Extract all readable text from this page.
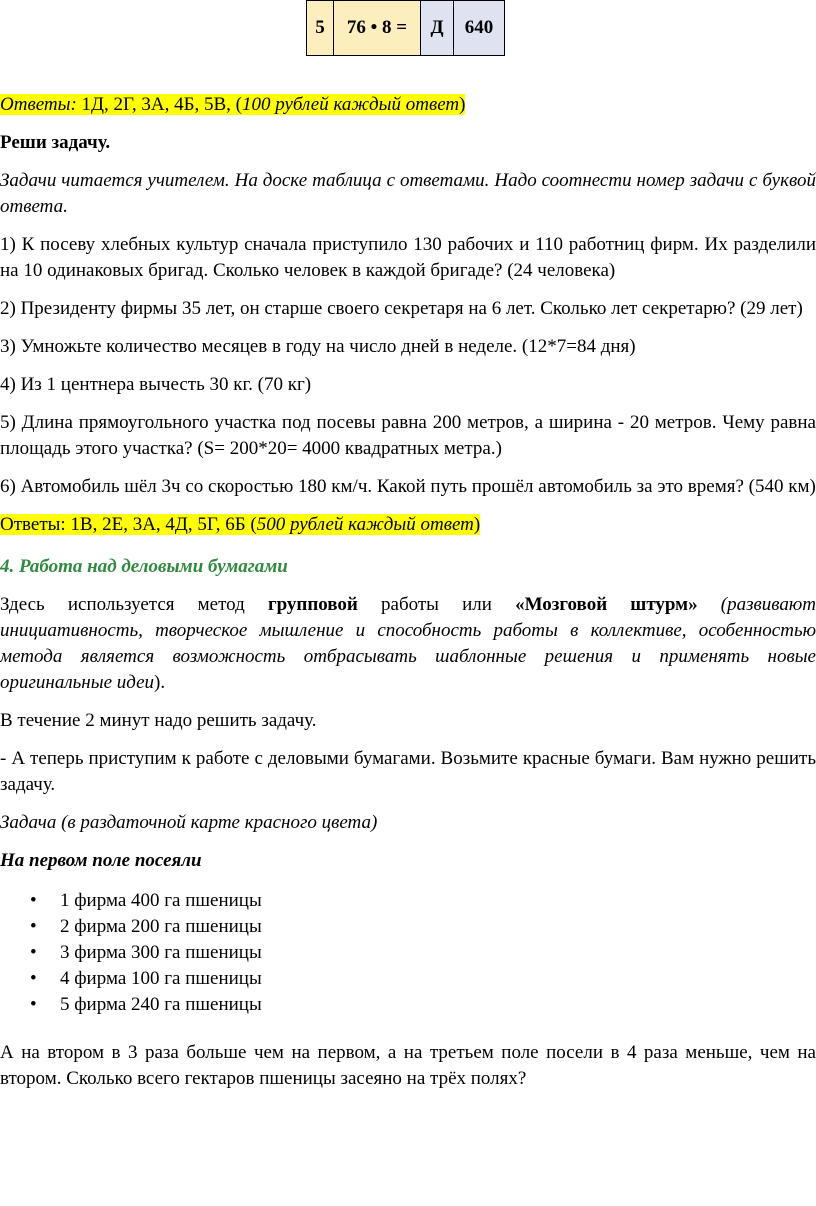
5	76 • 8 =	Д	640

Ответы: 1Д, 2Г, 3А, 4Б, 5В, (100 рублей каждый ответ)

Реши задачу.

Задачи читается учителем. На доске таблица с ответами. Надо соотнести номер задачи с буквой ответа.

1) К посеву хлебных культур сначала приступило 130 рабочих и 110 работниц фирм. Их разделили на 10 одинаковых бригад. Сколько человек в каждой бригаде? (24 человека)

2) Президенту фирмы 35 лет, он старше своего секретаря на 6 лет. Сколько лет секретарю? (29 лет)

3) Умножьте количество месяцев в году на число дней в неделе. (12*7=84 дня)

4) Из 1 центнера вычесть 30 кг. (70 кг)

5) Длина прямоугольного участка под посевы равна 200 метров, а ширина - 20 метров. Чему равна площадь этого участка? (S= 200*20= 4000 квадратных метра.)

6) Автомобиль шёл 3ч со скоростью 180 км/ч. Какой путь прошёл автомобиль за это время? (540 км)

Ответы: 1В, 2Е, 3А, 4Д, 5Г, 6Б (500 рублей каждый ответ)

4. Работа над деловыми бумагами

Здесь используется метод групповой работы или «Мозговой штурм» (развивают инициативность, творческое мышление и способность работы в коллективе, особенностью метода является возможность отбрасывать шаблонные решения и применять новые оригинальные идеи).

В течение 2 минут надо решить задачу.

- А теперь приступим к работе с деловыми бумагами. Возьмите красные бумаги. Вам нужно решить задачу.

Задача (в раздаточной карте красного цвета)

На первом поле посеяли

• 1 фирма 400 га пшеницы
• 2 фирма 200 га пшеницы
• 3 фирма 300 га пшеницы
• 4 фирма 100 га пшеницы
• 5 фирма 240 га пшеницы

А на втором в 3 раза больше чем на первом, а на третьем поле посели в 4 раза меньше, чем на втором. Сколько всего гектаров пшеницы засеяно на трёх полях?
